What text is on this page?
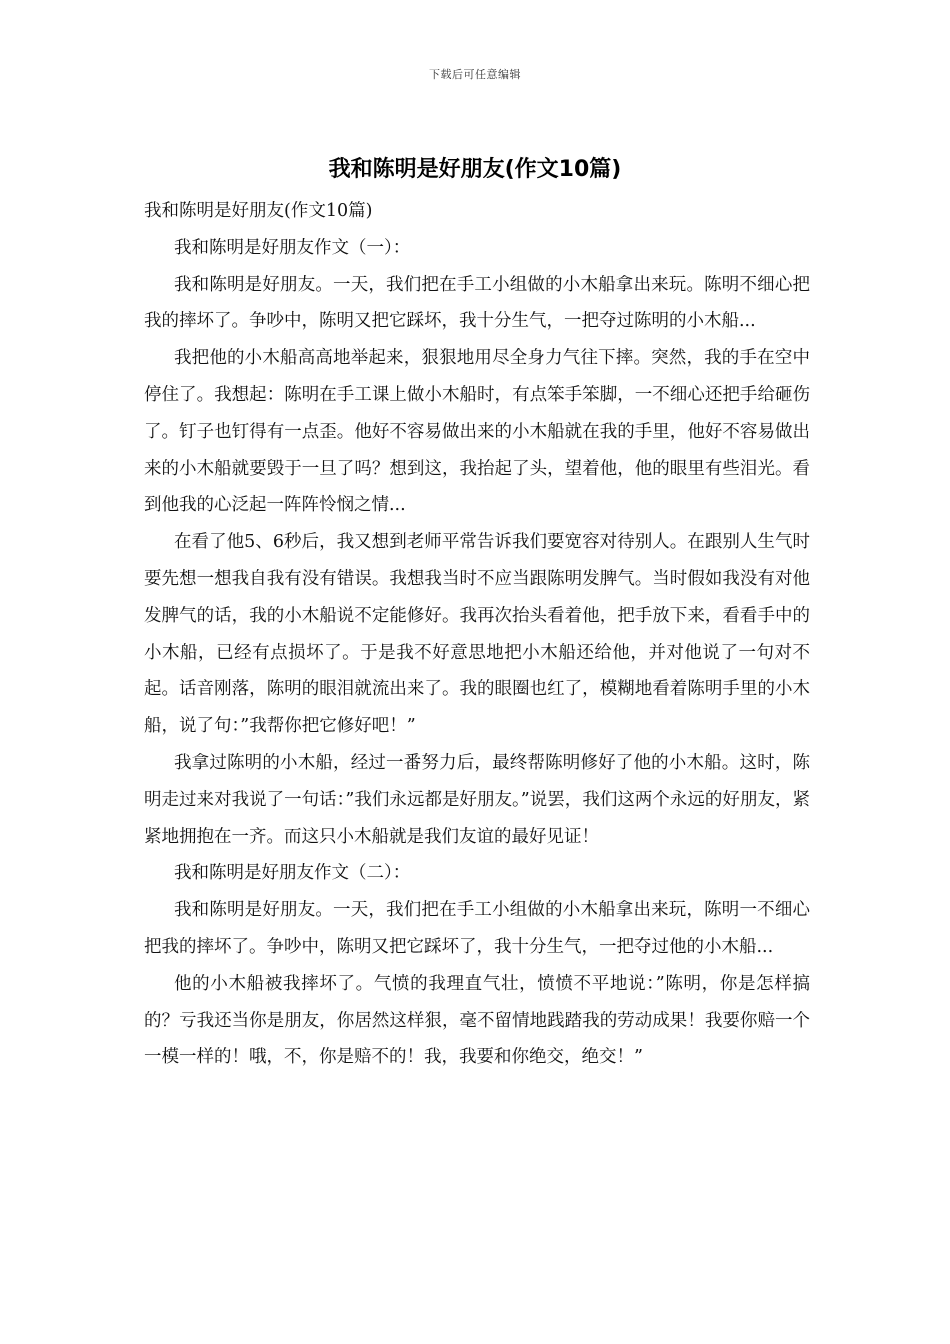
下载后可任意编辑
我和陈明是好朋友(作文10篇)

我和陈明是好朋友(作文10篇)

我和陈明是好朋友作文（一）：

我和陈明是好朋友。一天，我们把在手工小组做的小木船拿出来玩。陈明不细心把我的摔坏了。争吵中，陈明又把它踩坏，我十分生气，一把夺过陈明的小木船...

我把他的小木船高高地举起来，狠狠地用尽全身力气往下摔。突然，我的手在空中停住了。我想起：陈明在手工课上做小木船时，有点笨手笨脚，一不细心还把手给砸伤了。钉子也钉得有一点歪。他好不容易做出来的小木船就在我的手里，他好不容易做出来的小木船就要毁于一旦了吗？想到这，我抬起了头，望着他，他的眼里有些泪光。看到他我的心泛起一阵阵怜悯之情...

在看了他5、6秒后，我又想到老师平常告诉我们要宽容对待别人。在跟别人生气时要先想一想我自我有没有错误。我想我当时不应当跟陈明发脾气。当时假如我没有对他发脾气的话，我的小木船说不定能修好。我再次抬头看着他，把手放下来，看看手中的小木船，已经有点损坏了。于是我不好意思地把小木船还给他，并对他说了一句对不起。话音刚落，陈明的眼泪就流出来了。我的眼圈也红了，模糊地看着陈明手里的小木船，说了句：”我帮你把它修好吧！”

我拿过陈明的小木船，经过一番努力后，最终帮陈明修好了他的小木船。这时，陈明走过来对我说了一句话：”我们永远都是好朋友。”说罢，我们这两个永远的好朋友，紧紧地拥抱在一齐。而这只小木船就是我们友谊的最好见证！

我和陈明是好朋友作文（二）：

我和陈明是好朋友。一天，我们把在手工小组做的小木船拿出来玩，陈明一不细心把我的摔坏了。争吵中，陈明又把它踩坏了，我十分生气，一把夺过他的小木船...

他的小木船被我摔坏了。气愤的我理直气壮，愤愤不平地说：”陈明，你是怎样搞的？亏我还当你是朋友，你居然这样狠，毫不留情地践踏我的劳动成果！我要你赔一个一模一样的！哦，不，你是赔不的！我，我要和你绝交，绝交！”
